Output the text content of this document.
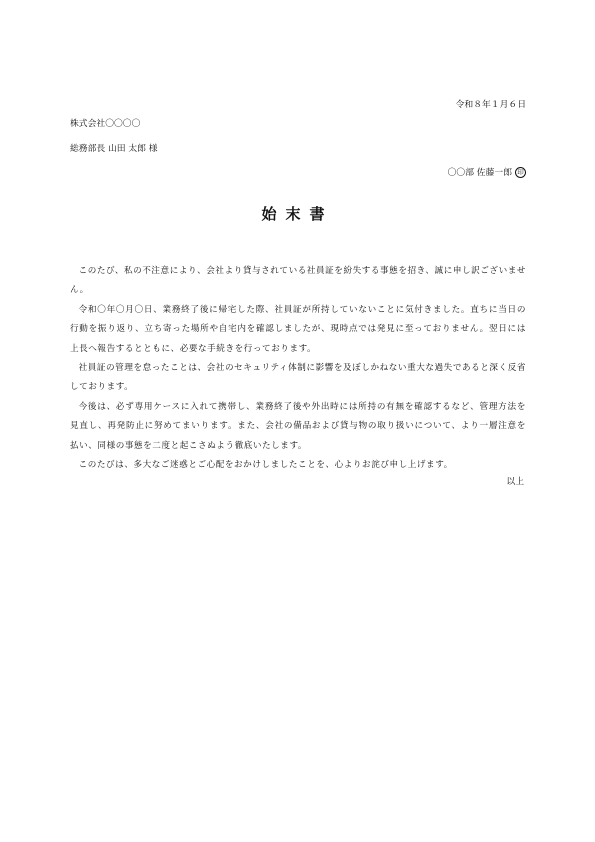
令和８年１月６日
株式会社〇〇〇〇
総務部長 山田 太郎 様
〇〇部 佐藤一郎 印
始末書

このたび、私の不注意により、会社より貸与されている社員証を紛失する事態を招き、誠に申し訳ございません。

令和〇年〇月〇日、業務終了後に帰宅した際、社員証が所持していないことに気付きました。直ちに当日の行動を振り返り、立ち寄った場所や自宅内を確認しましたが、現時点では発見に至っておりません。翌日には上長へ報告するとともに、必要な手続きを行っております。

社員証の管理を怠ったことは、会社のセキュリティ体制に影響を及ぼしかねない重大な過失であると深く反省しております。

今後は、必ず専用ケースに入れて携帯し、業務終了後や外出時には所持の有無を確認するなど、管理方法を見直し、再発防止に努めてまいります。また、会社の備品および貸与物の取り扱いについて、より一層注意を払い、同様の事態を二度と起こさぬよう徹底いたします。

このたびは、多大なご迷惑とご心配をおかけしましたことを、心よりお詫び申し上げます。

以上
